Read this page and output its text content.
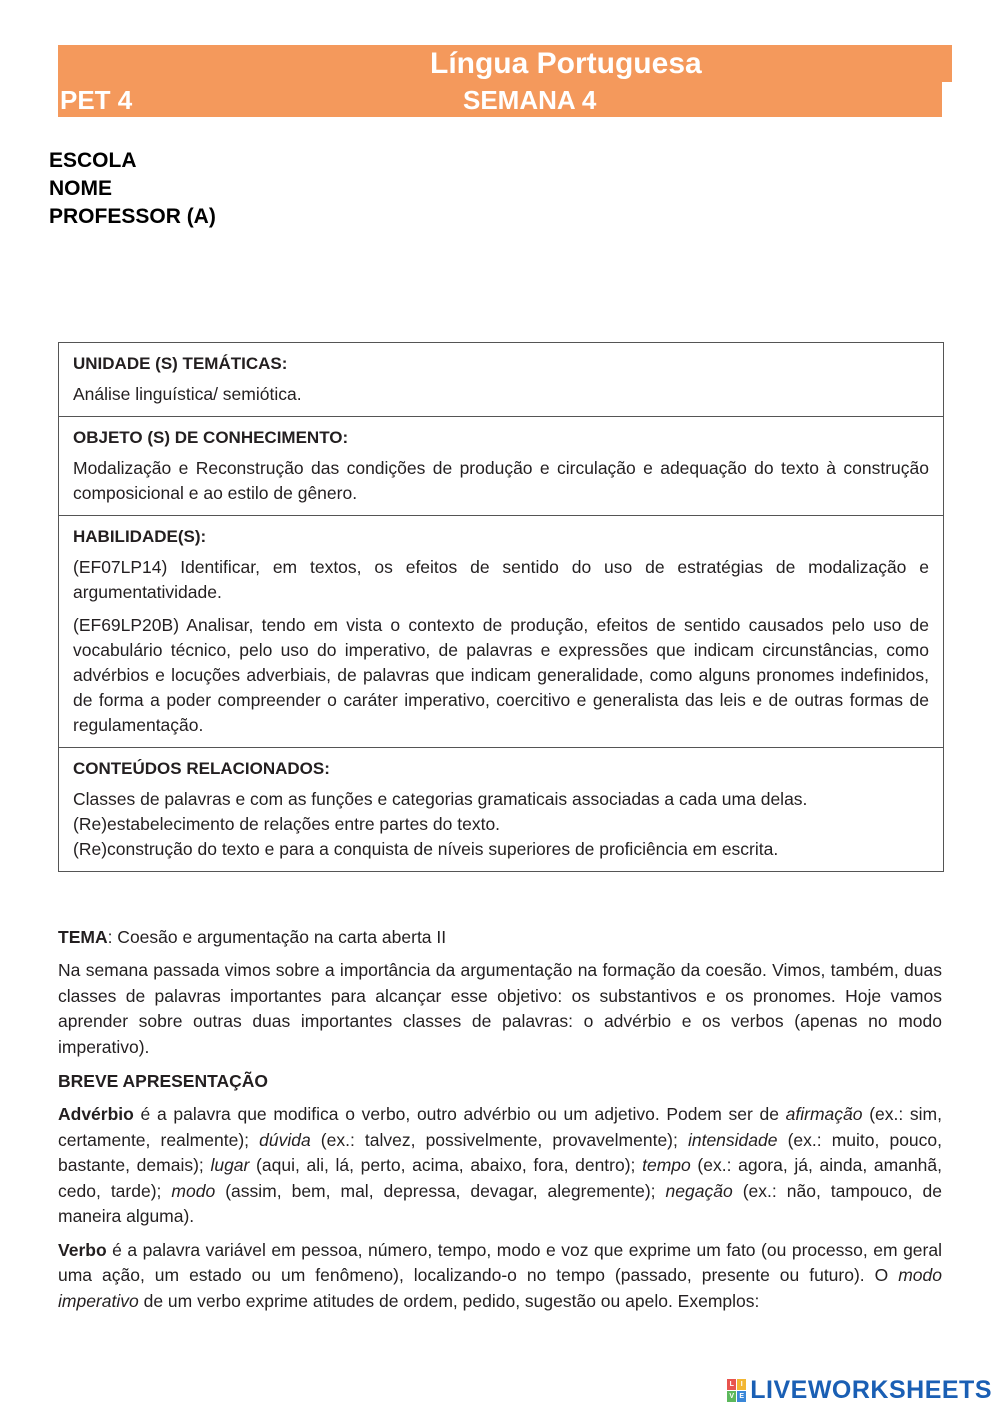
Língua Portuguesa
PET 4	SEMANA 4
ESCOLA
NOME
PROFESSOR (A)
UNIDADE (S) TEMÁTICAS:
Análise linguística/ semiótica.
OBJETO (S) DE CONHECIMENTO:
Modalização e Reconstrução das condições de produção e circulação e adequação do texto à construção composicional e ao estilo de gênero.
HABILIDADE(S):
(EF07LP14) Identificar, em textos, os efeitos de sentido do uso de estratégias de modalização e argumentatividade.
(EF69LP20B) Analisar, tendo em vista o contexto de produção, efeitos de sentido causados pelo uso de vocabulário técnico, pelo uso do imperativo, de palavras e expressões que indicam circunstâncias, como advérbios e locuções adverbiais, de palavras que indicam generalidade, como alguns pronomes indefinidos, de forma a poder compreender o caráter imperativo, coercitivo e generalista das leis e de outras formas de regulamentação.
CONTEÚDOS RELACIONADOS:
Classes de palavras e com as funções e categorias gramaticais associadas a cada uma delas.
(Re)estabelecimento de relações entre partes do texto.
(Re)construção do texto e para a conquista de níveis superiores de proficiência em escrita.
TEMA: Coesão e argumentação na carta aberta II

Na semana passada vimos sobre a importância da argumentação na formação da coesão. Vimos, também, duas classes de palavras importantes para alcançar esse objetivo: os substantivos e os pronomes. Hoje vamos aprender sobre outras duas importantes classes de palavras: o advérbio e os verbos (apenas no modo imperativo).

BREVE APRESENTAÇÃO

Advérbio é a palavra que modifica o verbo, outro advérbio ou um adjetivo. Podem ser de afirmação (ex.: sim, certamente, realmente); dúvida (ex.: talvez, possivelmente, provavelmente); intensidade (ex.: muito, pouco, bastante, demais); lugar (aqui, ali, lá, perto, acima, abaixo, fora, dentro); tempo (ex.: agora, já, ainda, amanhã, cedo, tarde); modo (assim, bem, mal, depressa, devagar, alegremente); negação (ex.: não, tampouco, de maneira alguma).

Verbo é a palavra variável em pessoa, número, tempo, modo e voz que exprime um fato (ou processo, em geral uma ação, um estado ou um fenômeno), localizando-o no tempo (passado, presente ou futuro). O modo imperativo de um verbo exprime atitudes de ordem, pedido, sugestão ou apelo. Exemplos:

L I
V E LIVEWORKSHEETS
